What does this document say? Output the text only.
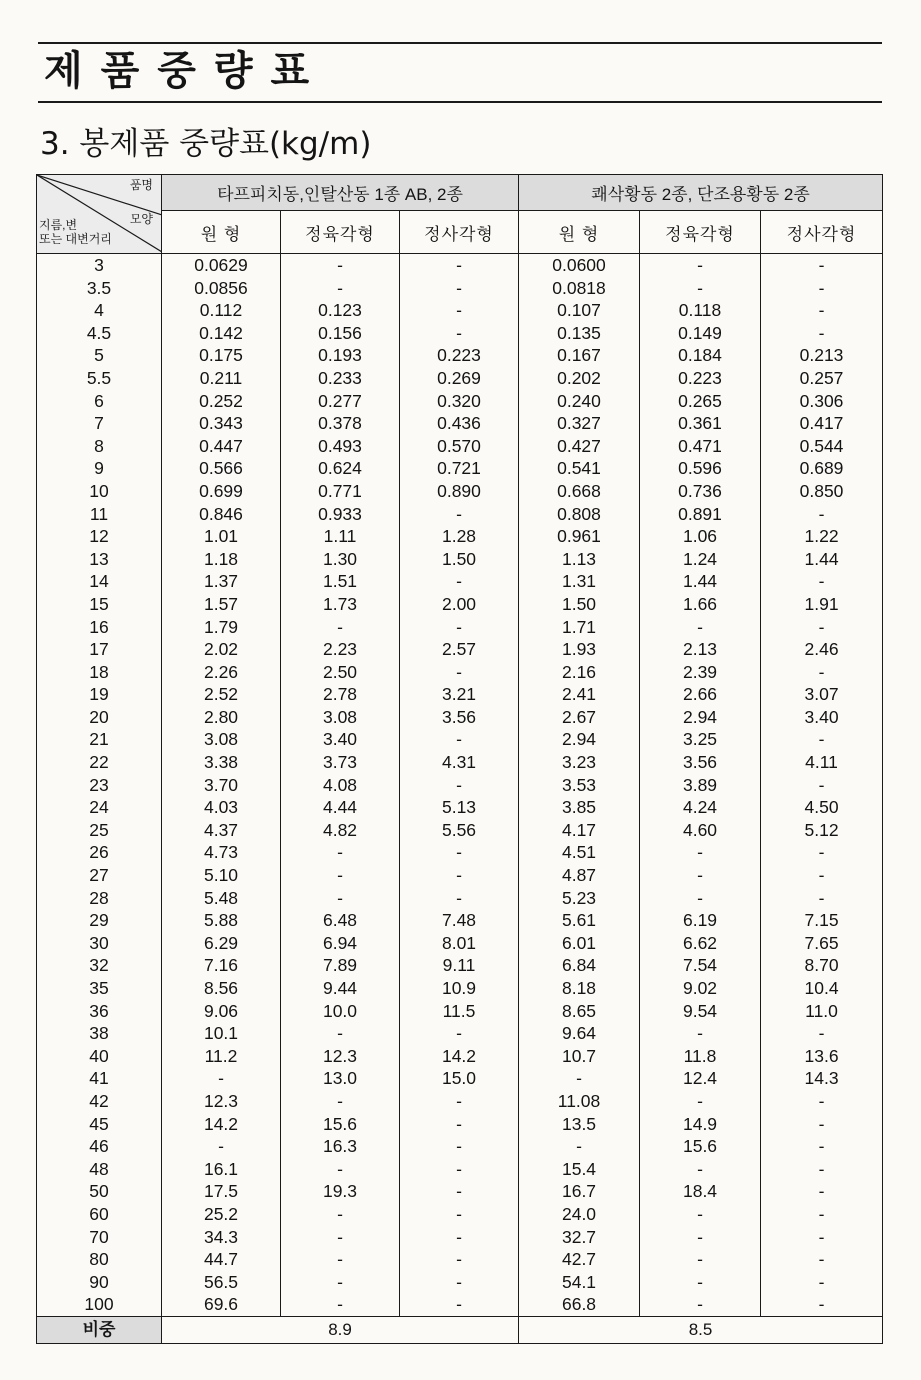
제품중량표
3. 봉제품 중량표(kg/m)
품명
모양
지름,변
또는 대변거리	타프피치동,인탈산동 1종 AB, 2종			쾌삭황동 2종, 단조용황동 2종		
	원 형	정육각형	정사각형	원 형	정육각형	정사각형
3	0.0629	-	-	0.0600	-	-
3.5	0.0856	-	-	0.0818	-	-
4	0.112	0.123	-	0.107	0.118	-
4.5	0.142	0.156	-	0.135	0.149	-
5	0.175	0.193	0.223	0.167	0.184	0.213
5.5	0.211	0.233	0.269	0.202	0.223	0.257
6	0.252	0.277	0.320	0.240	0.265	0.306
7	0.343	0.378	0.436	0.327	0.361	0.417
8	0.447	0.493	0.570	0.427	0.471	0.544
9	0.566	0.624	0.721	0.541	0.596	0.689
10	0.699	0.771	0.890	0.668	0.736	0.850
11	0.846	0.933	-	0.808	0.891	-
12	1.01	1.11	1.28	0.961	1.06	1.22
13	1.18	1.30	1.50	1.13	1.24	1.44
14	1.37	1.51	-	1.31	1.44	-
15	1.57	1.73	2.00	1.50	1.66	1.91
16	1.79	-	-	1.71	-	-
17	2.02	2.23	2.57	1.93	2.13	2.46
18	2.26	2.50	-	2.16	2.39	-
19	2.52	2.78	3.21	2.41	2.66	3.07
20	2.80	3.08	3.56	2.67	2.94	3.40
21	3.08	3.40	-	2.94	3.25	-
22	3.38	3.73	4.31	3.23	3.56	4.11
23	3.70	4.08	-	3.53	3.89	-
24	4.03	4.44	5.13	3.85	4.24	4.50
25	4.37	4.82	5.56	4.17	4.60	5.12
26	4.73	-	-	4.51	-	-
27	5.10	-	-	4.87	-	-
28	5.48	-	-	5.23	-	-
29	5.88	6.48	7.48	5.61	6.19	7.15
30	6.29	6.94	8.01	6.01	6.62	7.65
32	7.16	7.89	9.11	6.84	7.54	8.70
35	8.56	9.44	10.9	8.18	9.02	10.4
36	9.06	10.0	11.5	8.65	9.54	11.0
38	10.1	-	-	9.64	-	-
40	11.2	12.3	14.2	10.7	11.8	13.6
41	-	13.0	15.0	-	12.4	14.3
42	12.3	-	-	11.08	-	-
45	14.2	15.6	-	13.5	14.9	-
46	-	16.3	-	-	15.6	-
48	16.1	-	-	15.4	-	-
50	17.5	19.3	-	16.7	18.4	-
60	25.2	-	-	24.0	-	-
70	34.3	-	-	32.7	-	-
80	44.7	-	-	42.7	-	-
90	56.5	-	-	54.1	-	-
100	69.6	-	-	66.8	-	-
비중	8.9			8.5		
